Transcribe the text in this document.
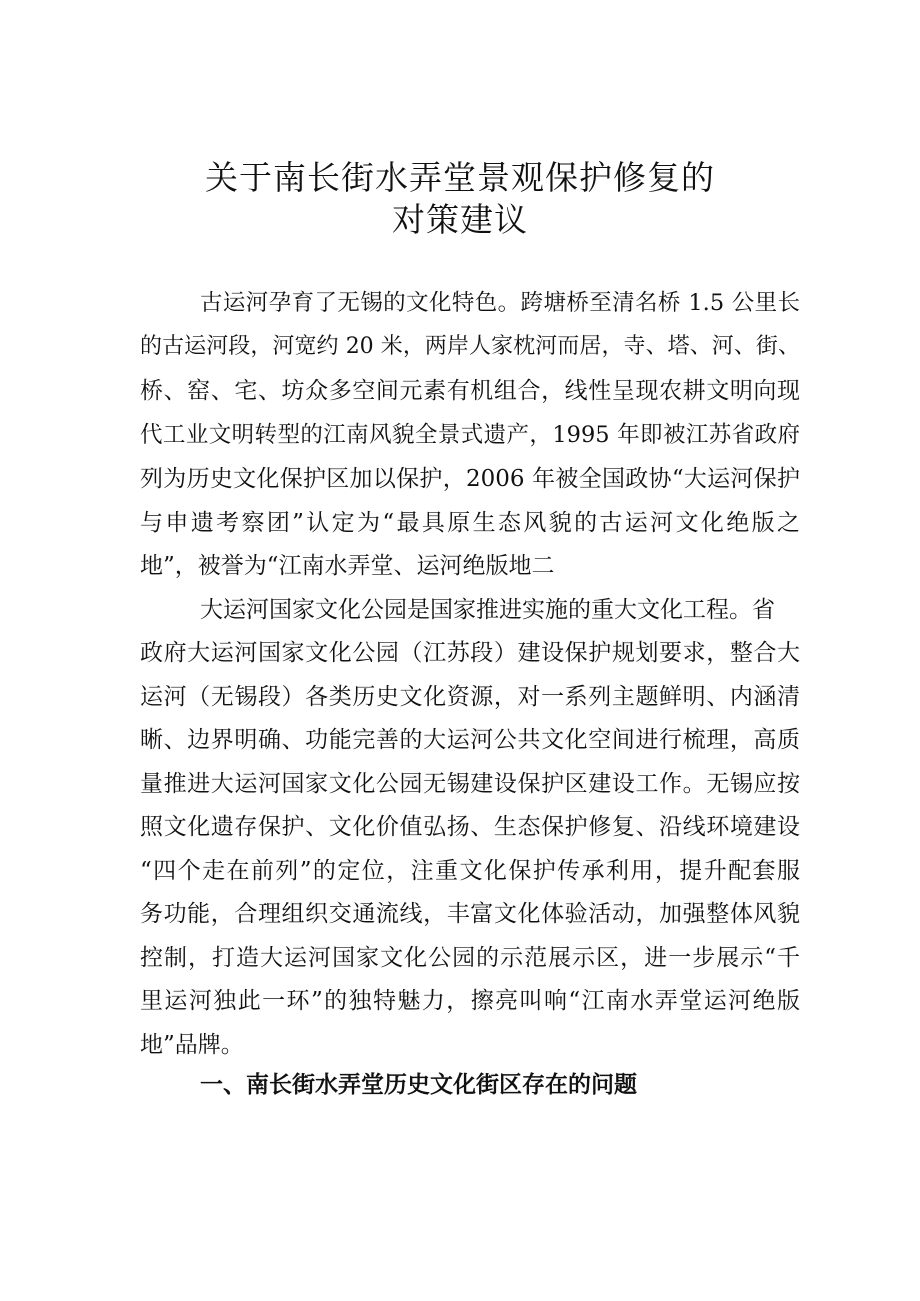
关于南长街水弄堂景观保护修复的
对策建议
古运河孕育了无锡的文化特色。跨塘桥至清名桥 1.5 公里长
的古运河段，河宽约 20 米，两岸人家枕河而居，寺、塔、河、街、
桥、窑、宅、坊众多空间元素有机组合，线性呈现农耕文明向现
代工业文明转型的江南风貌全景式遗产，1995 年即被江苏省政府
列为历史文化保护区加以保护，2006 年被全国政协“大运河保护
与申遗考察团”认定为“最具原生态风貌的古运河文化绝版之
地”，被誉为“江南水弄堂、运河绝版地二
大运河国家文化公园是国家推进实施的重大文化工程。省
政府大运河国家文化公园（江苏段）建设保护规划要求，整合大
运河（无锡段）各类历史文化资源，对一系列主题鲜明、内涵清
晰、边界明确、功能完善的大运河公共文化空间进行梳理，高质
量推进大运河国家文化公园无锡建设保护区建设工作。无锡应按
照文化遗存保护、文化价值弘扬、生态保护修复、沿线环境建设
“四个走在前列”的定位，注重文化保护传承利用，提升配套服
务功能，合理组织交通流线，丰富文化体验活动，加强整体风貌
控制，打造大运河国家文化公园的示范展示区，进一步展示“千
里运河独此一环”的独特魅力，擦亮叫响“江南水弄堂运河绝版
地”品牌。
一、南长街水弄堂历史文化街区存在的问题
